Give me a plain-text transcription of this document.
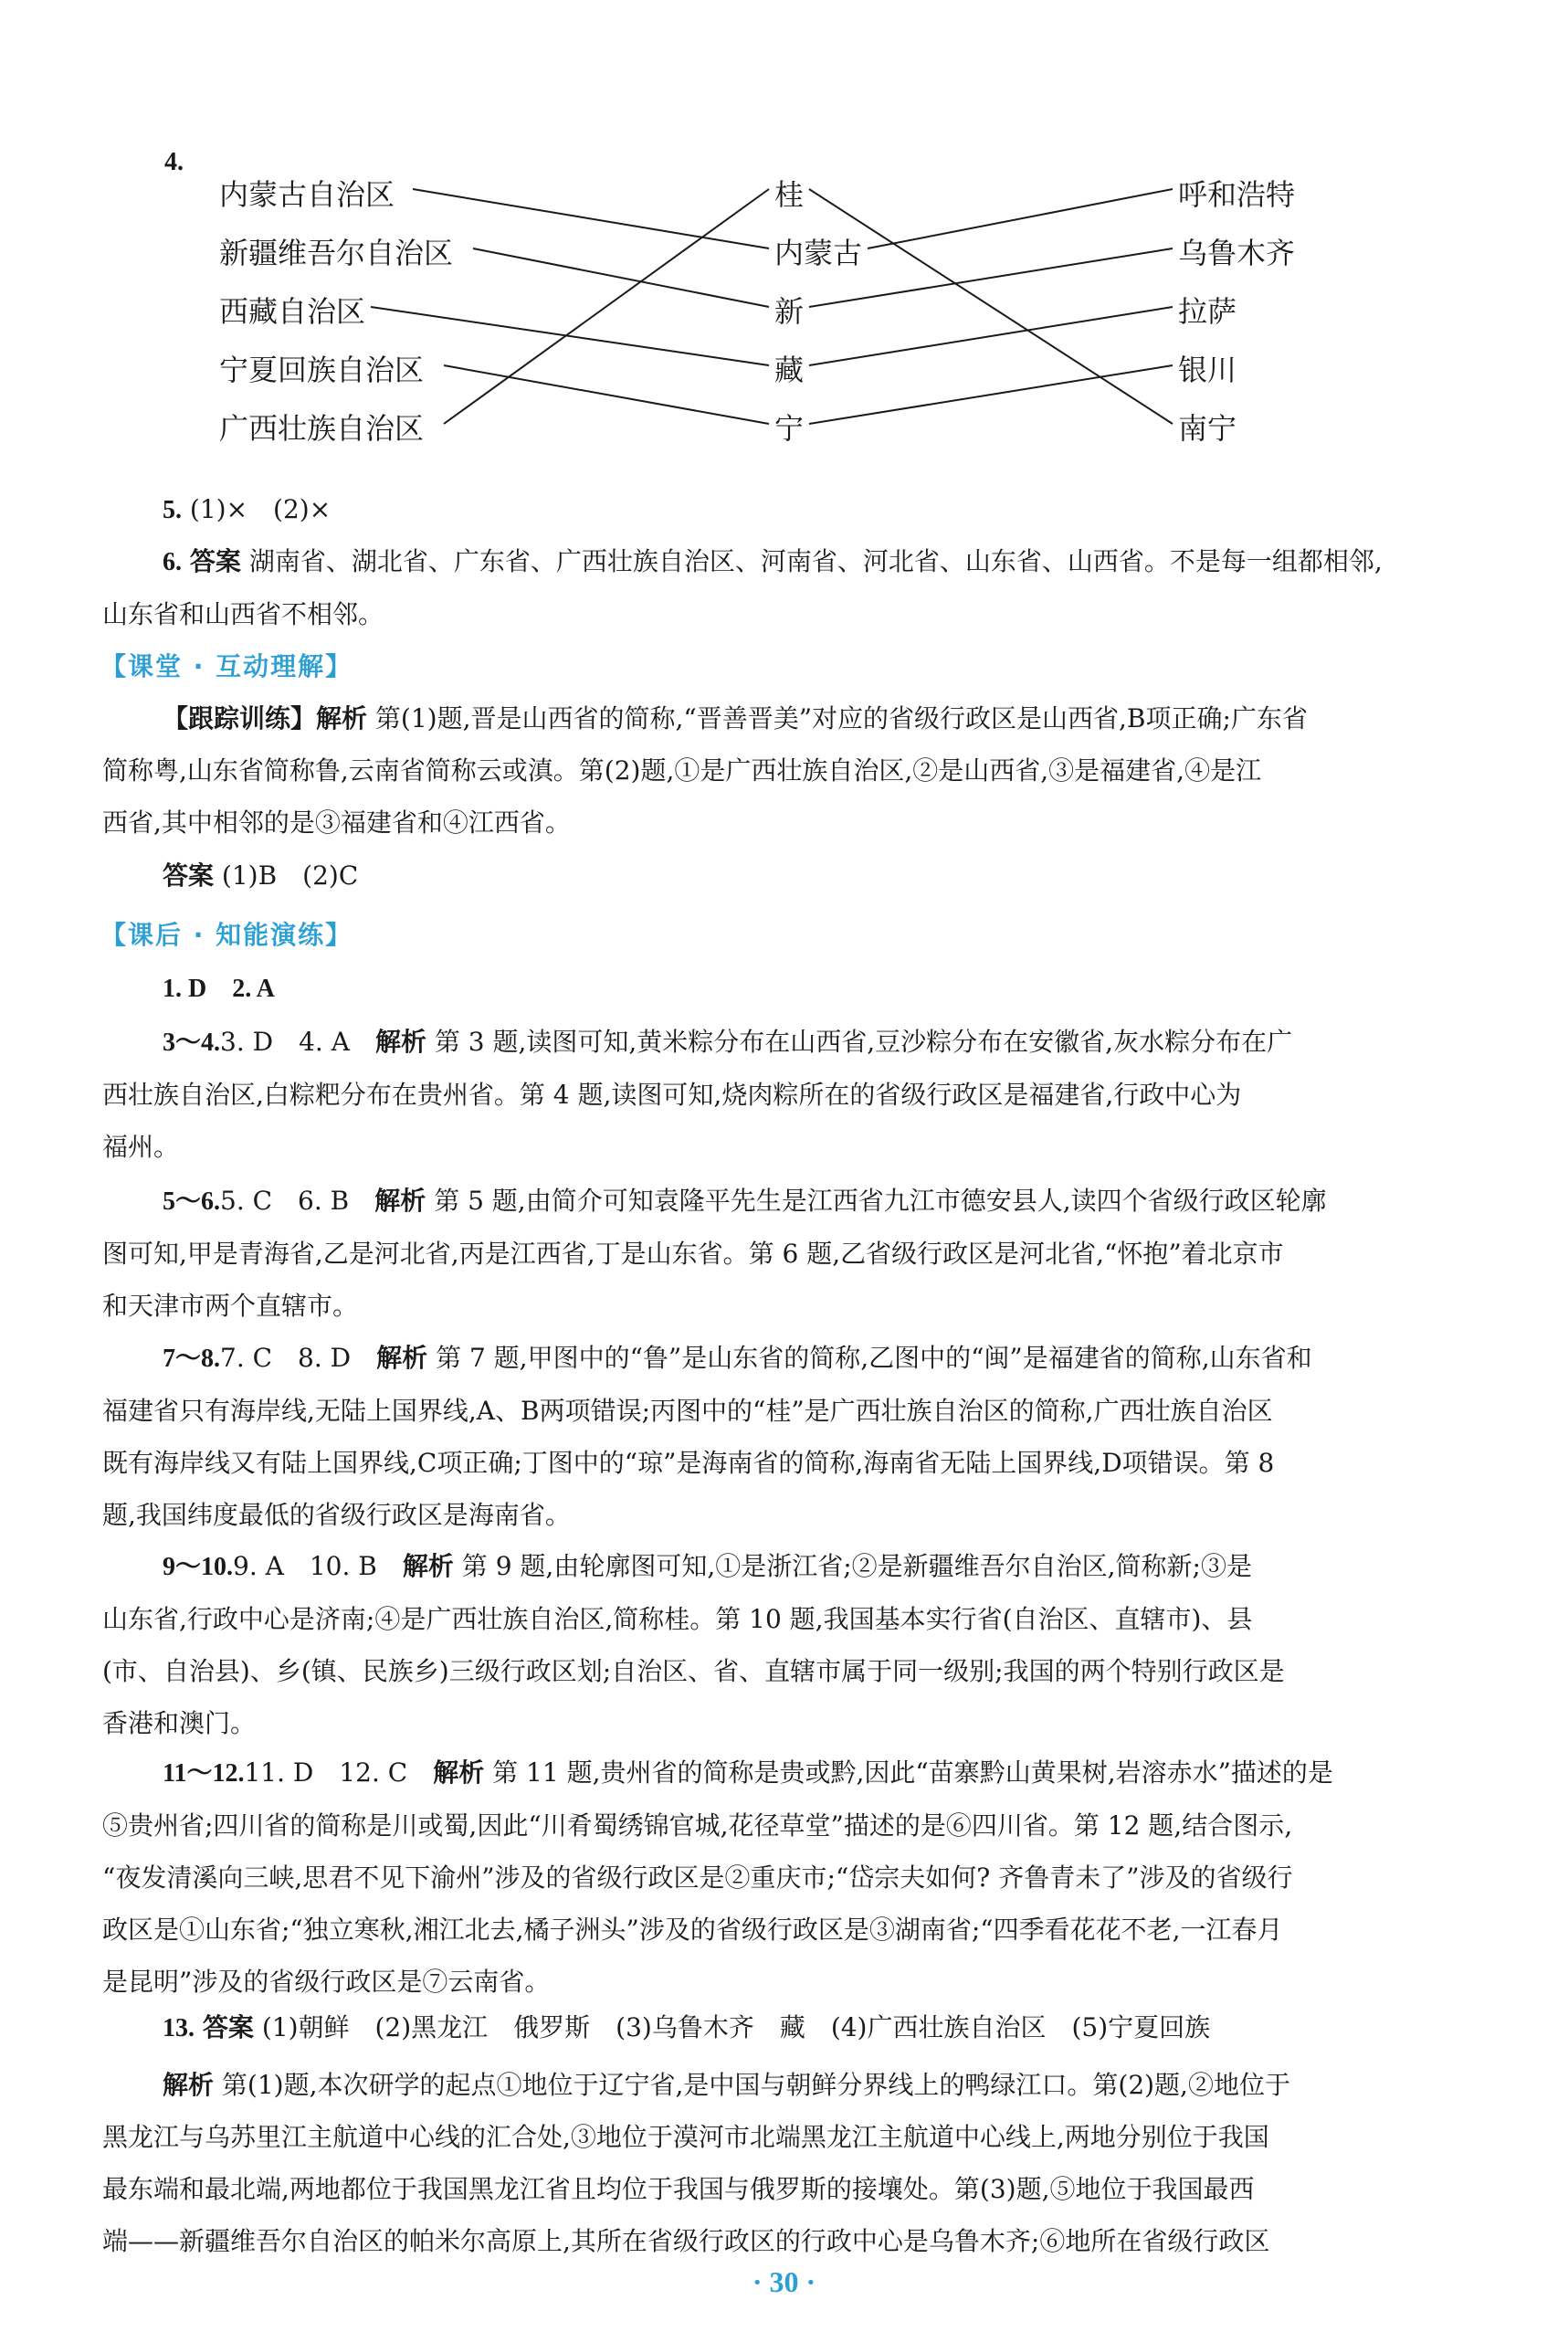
4.
内蒙古自治区
新疆维吾尔自治区
西藏自治区
宁夏回族自治区
广西壮族自治区
桂
内蒙古
新
藏
宁
呼和浩特
乌鲁木齐
拉萨
银川
南宁
5. (1)×　(2)×
6. 答案 湖南省、湖北省、广东省、广西壮族自治区、河南省、河北省、山东省、山西省。不是每一组都相邻,
山东省和山西省不相邻。
【课堂 · 互动理解】
【跟踪训练】解析 第(1)题,晋是山西省的简称,“晋善晋美”对应的省级行政区是山西省,B项正确;广东省
简称粤,山东省简称鲁,云南省简称云或滇。第(2)题,①是广西壮族自治区,②是山西省,③是福建省,④是江
西省,其中相邻的是③福建省和④江西省。
答案 (1)B　(2)C
【课后 · 知能演练】
1. D　2. A
3～4.3. D　4. A　 解析 第 3 题,读图可知,黄米粽分布在山西省,豆沙粽分布在安徽省,灰水粽分布在广
西壮族自治区,白粽粑分布在贵州省。第 4 题,读图可知,烧肉粽所在的省级行政区是福建省,行政中心为
福州。
5～6.5. C　6. B　 解析 第 5 题,由简介可知袁隆平先生是江西省九江市德安县人,读四个省级行政区轮廓
图可知,甲是青海省,乙是河北省,丙是江西省,丁是山东省。第 6 题,乙省级行政区是河北省,“怀抱”着北京市
和天津市两个直辖市。
7～8.7. C　8. D　 解析 第 7 题,甲图中的“鲁”是山东省的简称,乙图中的“闽”是福建省的简称,山东省和
福建省只有海岸线,无陆上国界线,A、B两项错误;丙图中的“桂”是广西壮族自治区的简称,广西壮族自治区
既有海岸线又有陆上国界线,C项正确;丁图中的“琼”是海南省的简称,海南省无陆上国界线,D项错误。第 8
题,我国纬度最低的省级行政区是海南省。
9～10.9. A　10. B　 解析 第 9 题,由轮廓图可知,①是浙江省;②是新疆维吾尔自治区,简称新;③是
山东省,行政中心是济南;④是广西壮族自治区,简称桂。第 10 题,我国基本实行省(自治区、直辖市)、县
(市、自治县)、乡(镇、民族乡)三级行政区划;自治区、省、直辖市属于同一级别;我国的两个特别行政区是
香港和澳门。
11～12.11. D　12. C　 解析 第 11 题,贵州省的简称是贵或黔,因此“苗寨黔山黄果树,岩溶赤水”描述的是
⑤贵州省;四川省的简称是川或蜀,因此“川肴蜀绣锦官城,花径草堂”描述的是⑥四川省。第 12 题,结合图示,
“夜发清溪向三峡,思君不见下渝州”涉及的省级行政区是②重庆市;“岱宗夫如何? 齐鲁青未了”涉及的省级行
政区是①山东省;“独立寒秋,湘江北去,橘子洲头”涉及的省级行政区是③湖南省;“四季看花花不老,一江春月
是昆明”涉及的省级行政区是⑦云南省。
13. 答案 (1)朝鲜　(2)黑龙江　俄罗斯　(3)乌鲁木齐　藏　(4)广西壮族自治区　(5)宁夏回族
解析 第(1)题,本次研学的起点①地位于辽宁省,是中国与朝鲜分界线上的鸭绿江口。第(2)题,②地位于
黑龙江与乌苏里江主航道中心线的汇合处,③地位于漠河市北端黑龙江主航道中心线上,两地分别位于我国
最东端和最北端,两地都位于我国黑龙江省且均位于我国与俄罗斯的接壤处。第(3)题,⑤地位于我国最西
端——新疆维吾尔自治区的帕米尔高原上,其所在省级行政区的行政中心是乌鲁木齐;⑥地所在省级行政区
· 30 ·
